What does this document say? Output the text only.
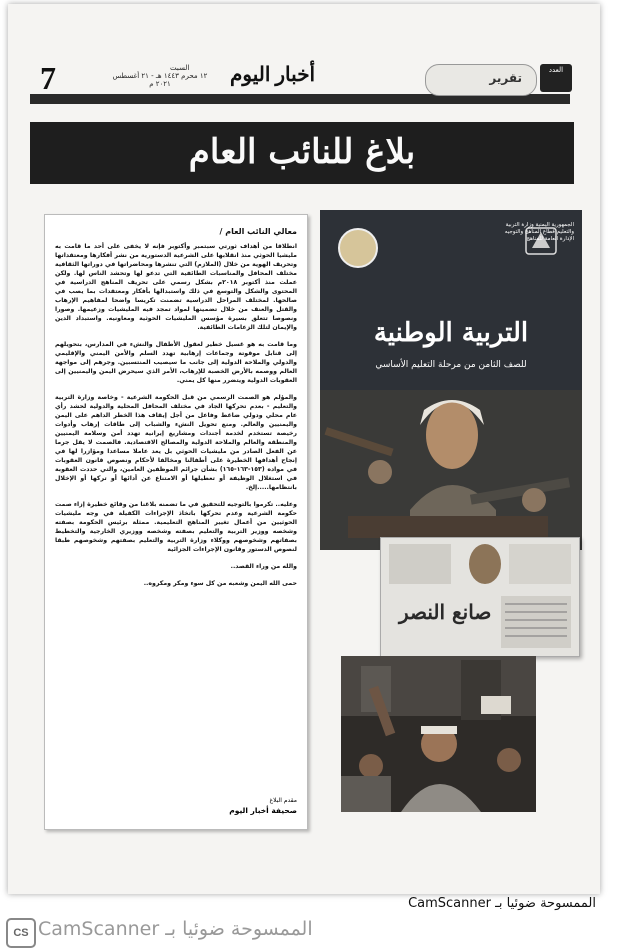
7	السبت
١٢ محرم ١٤٤٣ هـ - ٢١ أغسطس ٢٠٢١ م	أخبار اليوم	تقرير
العدد
بلاغ للنائب العام
معالي النائب العام /

انطلاقا من أهداف ثورتي سبتمبر وأكتوبر فإنه لا يخفى على أحد ما قامت به مليشيا الحوثي منذ انقلابها على الشرعية الدستورية من نشر أفكارها ومعتقداتها وتحريف الهوية من خلال (الملازم) التي تنشرها ومحاضراتها في دوراتها الثقافية مختلف المحافل والمناسبات الطائفية التي تدعو لها وتحشد الناس لها. ولكن عملت منذ أكتوبر ٢٠١٨م بشكل رسمي على تحريف المناهج الدراسية في المحتوى والشكل والتوسع في ذلك واستبدالها بأفكار ومعتقدات بما يصب في صالحها. لمختلف المراحل الدراسية تضمنت تكريسا واضحا لمفاهيم الإرهاب والقتل والعنف من خلال تضمينها لمواد تمجد فيه المليشيات وزعيمها. وصورا ونصوصا تتعلق بسيرة مؤسس المليشيات الحوثية ومعاونيه. واستبداد الدين والإيمان لتلك الزعامات الطائفية.

وما قامت به هو غسيل خطير لعقول الأطفال والنشء في المدارس، بتحويلهم إلى قنابل موقوتة وجماعات إرهابية تهدد السلم والأمن اليمني والإقليمي والدولي والملاحة الدولية إلى جانب ما سيصيب المنتسبين. وجرهم إلى مواجهة العالم ووصمه بالأرض الخصبة للإرهاب، الأمر الذي سيحرض اليمن واليمنيين إلى العقوبات الدولية ويتضرر منها كل يمني.

والمؤلم هو الصمت الرسمي من قبل الحكومة الشرعية - وخاصة وزارة التربية والتعليم - بعدم تحركها الجاد في مختلف المحافل المحلية والدولية لحشد رأي عام محلي ودولي ضاغط وفاعل من أجل إيقاف هذا الخطر الداهم على اليمن واليمنيين والعالم. ومنع تحويل النشء والشباب إلى طاقات إرهاب وأدوات رخيصة تستخدم لخدمة أجندات ومشاريع إيرانية تهدد أمن وسلامة اليمنيين والمنطقة والعالم والملاحة الدولية والمصالح الاقتصادية. فالصمت لا يقل جرما عن الفعل الصادر من مليشيات الحوثي بل يعد عاملا مساعدا ومؤازرا لها في إنجاح أهدافها الخطيرة على أطفالنا ومخالفا لأحكام ونصوص قانون العقوبات في مواده (١٥٣-١٦٣-١٦٥) بشأن جرائم الموظفين العامين، والتي حددت العقوبة في استغلال الوظيفة أو تعطيلها أو الامتناع عن أدائها أو تركها أو الإخلال بانتظامها.....إلخ.

وعليه.. تكرموا بالتوجيه للتحقيق في ما تضمنه بلاغنا من وقائع خطيرة إزاء صمت حكومة الشرعية وعدم تحركها باتخاذ الإجراءات الكفيلة في وجه مليشيات الحوثيين من أعمال تغيير المناهج التعليمية. ممثلة برئيس الحكومة بصفته وشخصه ووزير التربية والتعليم بصفته وشخصه ووزيري الخارجية والتخطيط بصفاتهم وشخوصهم ووكلاء وزارة التربية والتعليم بصفتهم وشخوصهم طبقا لنصوص الدستور وقانون الإجراءات الجزائية

والله من وراء القصد..

حمى الله اليمن وشعبه من كل سوء ومكر ومكروه..
مقدم البلاغ
صحيفة أخبار اليوم
الجمهورية اليمنية وزارة التربية والتعليم قطاع المناهج والتوجيه الإدارة العامة للمناهج
التربية الوطنية
للصف الثامن من مرحلة التعليم الأساسي
صانع النصر
الممسوحة ضوئيا بـ CamScanner
CS الممسوحة ضوئيا بـ CamScanner
